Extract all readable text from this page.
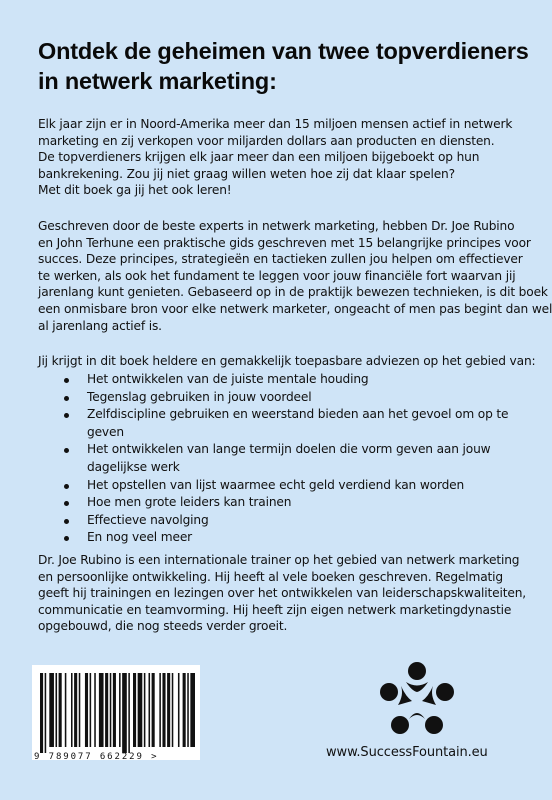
Ontdek de geheimen van twee topverdieners
in netwerk marketing:

Elk jaar zijn er in Noord-Amerika meer dan 15 miljoen mensen actief in netwerk
marketing en zij verkopen voor miljarden dollars aan producten en diensten.
De topverdieners krijgen elk jaar meer dan een miljoen bijgeboekt op hun
bankrekening. Zou jij niet graag willen weten hoe zij dat klaar spelen?
Met dit boek ga jij het ook leren!

Geschreven door de beste experts in netwerk marketing, hebben Dr. Joe Rubino
en John Terhune een praktische gids geschreven met 15 belangrijke principes voor
succes. Deze principes, strategieën en tactieken zullen jou helpen om effectiever
te werken, als ook het fundament te leggen voor jouw financiële fort waarvan jij
jarenlang kunt genieten. Gebaseerd op in de praktijk bewezen technieken, is dit boek
een onmisbare bron voor elke netwerk marketer, ongeacht of men pas begint dan wel
al jarenlang actief is.

Jij krijgt in dit boek heldere en gemakkelijk toepasbare adviezen op het gebied van:

Het ontwikkelen van de juiste mentale houding
Tegenslag gebruiken in jouw voordeel
Zelfdiscipline gebruiken en weerstand bieden aan het gevoel om op te geven
Het ontwikkelen van lange termijn doelen die vorm geven aan jouw dagelijkse werk
Het opstellen van lijst waarmee echt geld verdiend kan worden
Hoe men grote leiders kan trainen
Effectieve navolging
En nog veel meer

Dr. Joe Rubino is een internationale trainer op het gebied van netwerk marketing
en persoonlijke ontwikkeling. Hij heeft al vele boeken geschreven. Regelmatig
geeft hij trainingen en lezingen over het ontwikkelen van leiderschapskwaliteiten,
communicatie en teamvorming. Hij heeft zijn eigen netwerk marketingdynastie
opgebouwd, die nog steeds verder groeit.

9 789077 662229 >	www.SuccessFountain.eu
